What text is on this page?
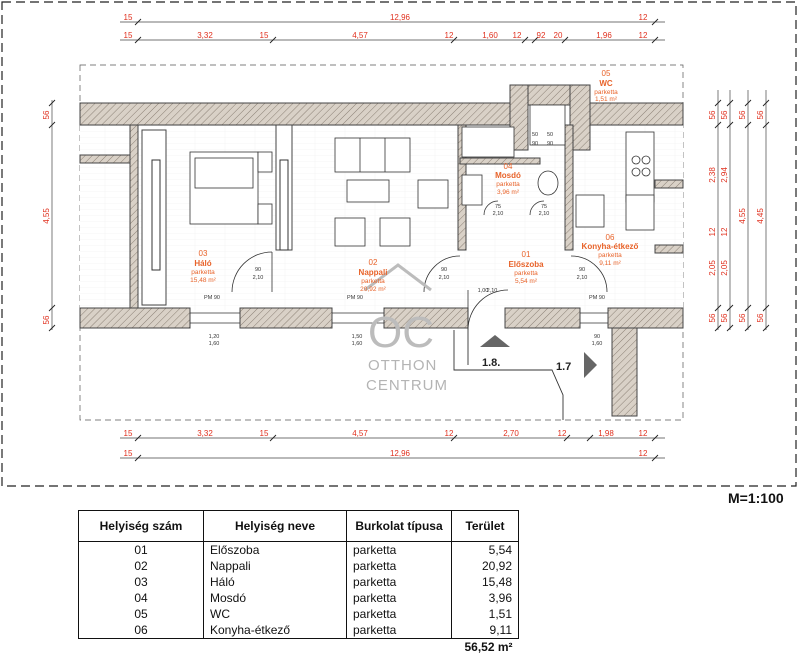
1.8.	1.7
OC
OTTHON
CENTRUM
05
WC
parketta
1,51 m²
04
Mosdó
parketta
3,96 m²
03
Háló
parketta
15,48 m²
02
Nappali
parketta
20,92 m²
01
Előszoba
parketta
5,54 m²
06
Konyha-étkező
parketta
9,11 m²
90
2,10
90
2,10
90
2,10
PM 90	PM 90	PM 90
50
90
50
90
75	75
2,10	2,10
1,20
1,60
1,50
1,60
1,00
2,10
90
1,60
15	12,96	12
15	3,32	15	4,57	12	1,60 12 92 20	1,96	12
15	3,32	15	4,57	12	2,70	12	1,98	12
15	12,96	12
56
4,55
56
56
2,38
12
2,05
56
56
2,94
12
2,05
56
56
4,55
56
56
4,45
56
M=1:100
Helyiség szám	Helyiség neve	Burkolat típusa	Terület
01	Előszoba	parketta	5,54
02	Nappali	parketta	20,92
03	Háló	parketta	15,48
04	Mosdó	parketta	3,96
05	WC	parketta	1,51
06	Konyha-étkező	parketta	9,11
56,52 m²			
